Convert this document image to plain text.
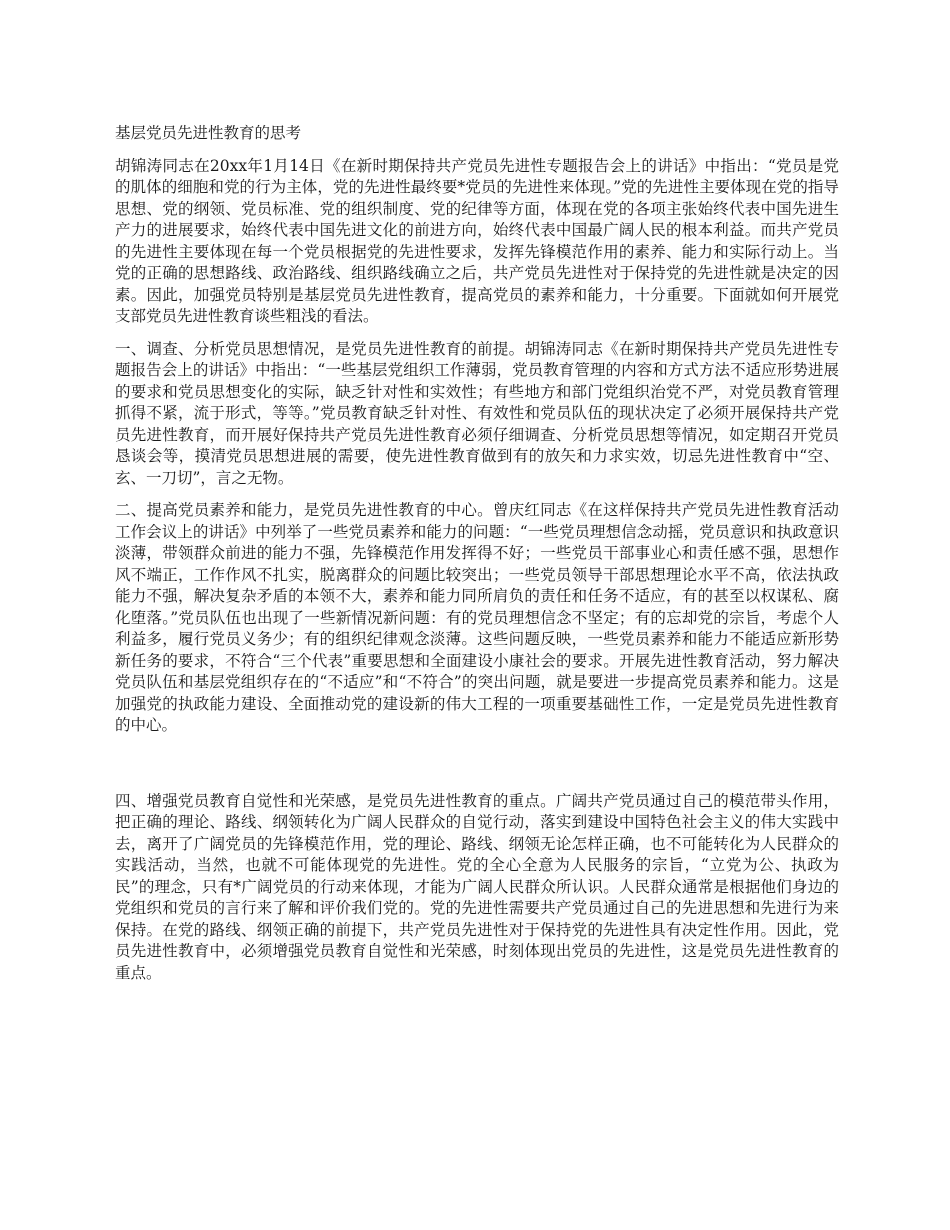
基层党员先进性教育的思考

胡锦涛同志在20xx年1月14日《在新时期保持共产党员先进性专题报告会上的讲话》中指出：“党员是党的肌体的细胞和党的行为主体，党的先进性最终要*党员的先进性来体现。”党的先进性主要体现在党的指导思想、党的纲领、党员标准、党的组织制度、党的纪律等方面，体现在党的各项主张始终代表中国先进生产力的进展要求，始终代表中国先进文化的前进方向，始终代表中国最广阔人民的根本利益。而共产党员的先进性主要体现在每一个党员根据党的先进性要求，发挥先锋模范作用的素养、能力和实际行动上。当党的正确的思想路线、政治路线、组织路线确立之后，共产党员先进性对于保持党的先进性就是决定的因素。因此，加强党员特别是基层党员先进性教育，提高党员的素养和能力，十分重要。下面就如何开展党支部党员先进性教育谈些粗浅的看法。

一、调查、分析党员思想情况，是党员先进性教育的前提。胡锦涛同志《在新时期保持共产党员先进性专题报告会上的讲话》中指出：“一些基层党组织工作薄弱，党员教育管理的内容和方式方法不适应形势进展的要求和党员思想变化的实际，缺乏针对性和实效性；有些地方和部门党组织治党不严，对党员教育管理抓得不紧，流于形式，等等。”党员教育缺乏针对性、有效性和党员队伍的现状决定了必须开展保持共产党员先进性教育，而开展好保持共产党员先进性教育必须仔细调查、分析党员思想等情况，如定期召开党员恳谈会等，摸清党员思想进展的需要，使先进性教育做到有的放矢和力求实效，切忌先进性教育中“空、玄、一刀切”，言之无物。

二、提高党员素养和能力，是党员先进性教育的中心。曾庆红同志《在这样保持共产党员先进性教育活动工作会议上的讲话》中列举了一些党员素养和能力的问题：“一些党员理想信念动摇，党员意识和执政意识淡薄，带领群众前进的能力不强，先锋模范作用发挥得不好；一些党员干部事业心和责任感不强，思想作风不端正，工作作风不扎实，脱离群众的问题比较突出；一些党员领导干部思想理论水平不高，依法执政能力不强，解决复杂矛盾的本领不大，素养和能力同所肩负的责任和任务不适应，有的甚至以权谋私、腐化堕落。”党员队伍也出现了一些新情况新问题：有的党员理想信念不坚定；有的忘却党的宗旨，考虑个人利益多，履行党员义务少；有的组织纪律观念淡薄。这些问题反映，一些党员素养和能力不能适应新形势新任务的要求，不符合“三个代表”重要思想和全面建设小康社会的要求。开展先进性教育活动，努力解决党员队伍和基层党组织存在的“不适应”和“不符合”的突出问题，就是要进一步提高党员素养和能力。这是加强党的执政能力建设、全面推动党的建设新的伟大工程的一项重要基础性工作，一定是党员先进性教育的中心。

四、增强党员教育自觉性和光荣感，是党员先进性教育的重点。广阔共产党员通过自己的模范带头作用，把正确的理论、路线、纲领转化为广阔人民群众的自觉行动，落实到建设中国特色社会主义的伟大实践中去，离开了广阔党员的先锋模范作用，党的理论、路线、纲领无论怎样正确，也不可能转化为人民群众的实践活动，当然，也就不可能体现党的先进性。党的全心全意为人民服务的宗旨，“立党为公、执政为民”的理念，只有*广阔党员的行动来体现，才能为广阔人民群众所认识。人民群众通常是根据他们身边的党组织和党员的言行来了解和评价我们党的。党的先进性需要共产党员通过自己的先进思想和先进行为来保持。在党的路线、纲领正确的前提下，共产党员先进性对于保持党的先进性具有决定性作用。因此，党员先进性教育中，必须增强党员教育自觉性和光荣感，时刻体现出党员的先进性，这是党员先进性教育的重点。
